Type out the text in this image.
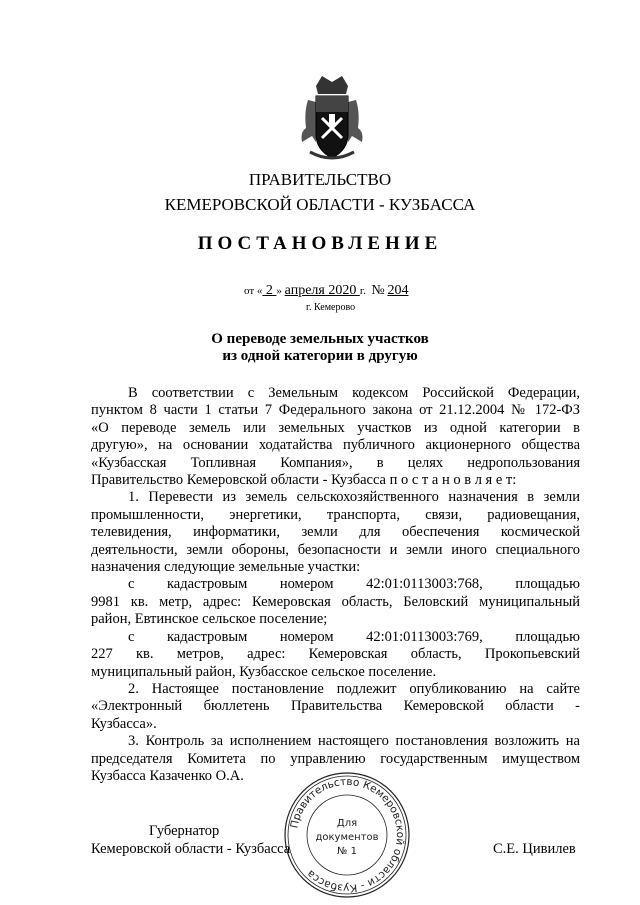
ПРАВИТЕЛЬСТВО
КЕМЕРОВСКОЙ ОБЛАСТИ - КУЗБАССА
ПОСТАНОВЛЕНИЕ
от « 2 » апреля 2020 г. № 204
г. Кемерово
О переводе земельных участков
из одной категории в другую

В соответствии с Земельным кодексом Российской Федерации,

пунктом 8 части 1 статьи 7 Федерального закона от 21.12.2004 № 172-ФЗ

«О переводе земель или земельных участков из одной категории в

другую», на основании ходатайства публичного акционерного общества

«Кузбасская Топливная Компания», в целях недропользования

Правительство Кемеровской области - Кузбасса п о с т а н о в л я е т:

1. Перевести из земель сельскохозяйственного назначения в земли

промышленности, энергетики, транспорта, связи, радиовещания,

телевидения, информатики, земли для обеспечения космической

деятельности, земли обороны, безопасности и земли иного специального

назначения следующие земельные участки:

с кадастровым номером 42:01:0113003:768, площадью

9981 кв. метр, адрес: Кемеровская область, Беловский муниципальный

район, Евтинское сельское поселение;

с кадастровым номером 42:01:0113003:769, площадью

227 кв. метров, адрес: Кемеровская область, Прокопьевский

муниципальный район, Кузбасское сельское поселение.

2. Настоящее постановление подлежит опубликованию на сайте

«Электронный бюллетень Правительства Кемеровской области -

Кузбасса».

3. Контроль за исполнением настоящего постановления возложить на

председателя Комитета по управлению государственным имуществом

Кузбасса Казаченко О.А.

Губернатор
Кемеровской области - Кузбасса	С.Е. Цивилев
Правительство Кемеровской области - Кузбасса
Для
документов
№ 1
